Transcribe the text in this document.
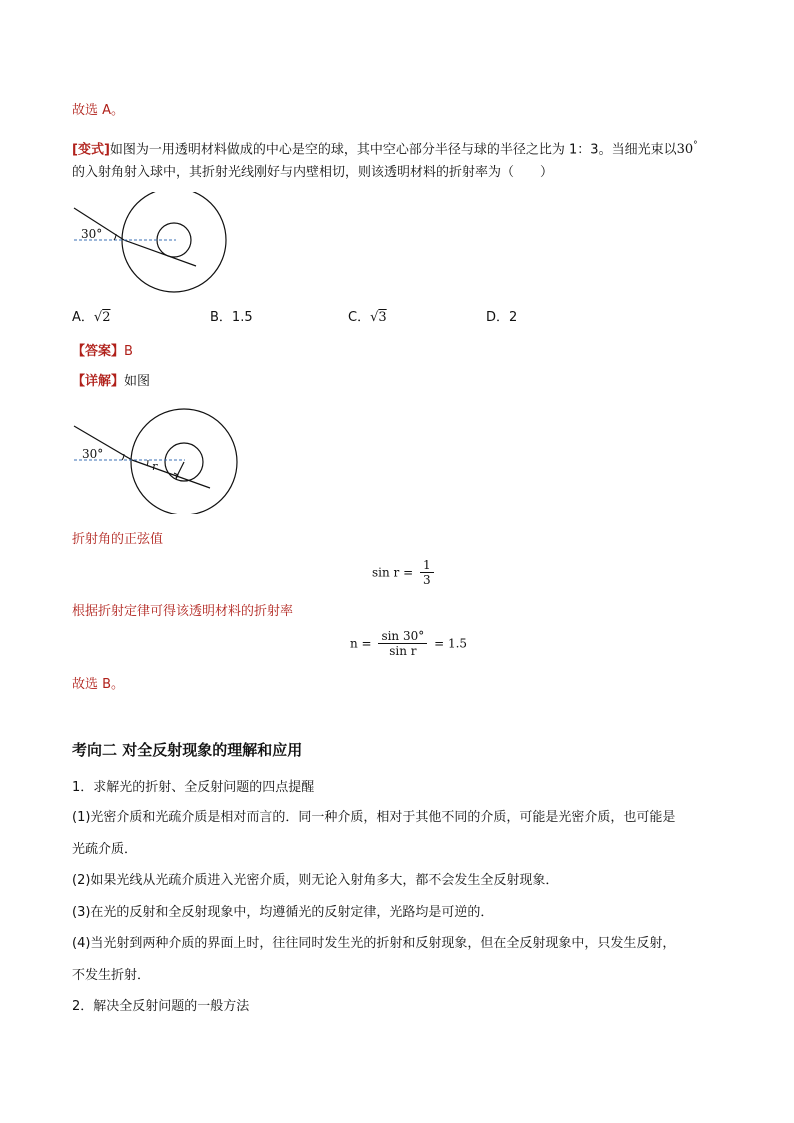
故选 A。
[变式]如图为一用透明材料做成的中心是空的球，其中空心部分半径与球的半径之比为 1：3。当细光束以30°
的入射角射入球中，其折射光线刚好与内壁相切，则该透明材料的折射率为（　　）
30°
A．√2	B．1.5	C．√3	D．2
【答案】B
【详解】如图
30°
r
折射角的正弦值
$\sin r = \frac{1}{3}$
根据折射定律可得该透明材料的折射率
$n = \frac{\sin 30^\circ}{\text{sin r}} = 1.5$
故选 B。
考向二 对全反射现象的理解和应用
1．求解光的折射、全反射问题的四点提醒
(1)光密介质和光疏介质是相对而言的．同一种介质，相对于其他不同的介质，可能是光密介质，也可能是
光疏介质．
(2)如果光线从光疏介质进入光密介质，则无论入射角多大，都不会发生全反射现象．
(3)在光的反射和全反射现象中，均遵循光的反射定律，光路均是可逆的．
(4)当光射到两种介质的界面上时，往往同时发生光的折射和反射现象，但在全反射现象中，只发生反射，
不发生折射．
2．解决全反射问题的一般方法
